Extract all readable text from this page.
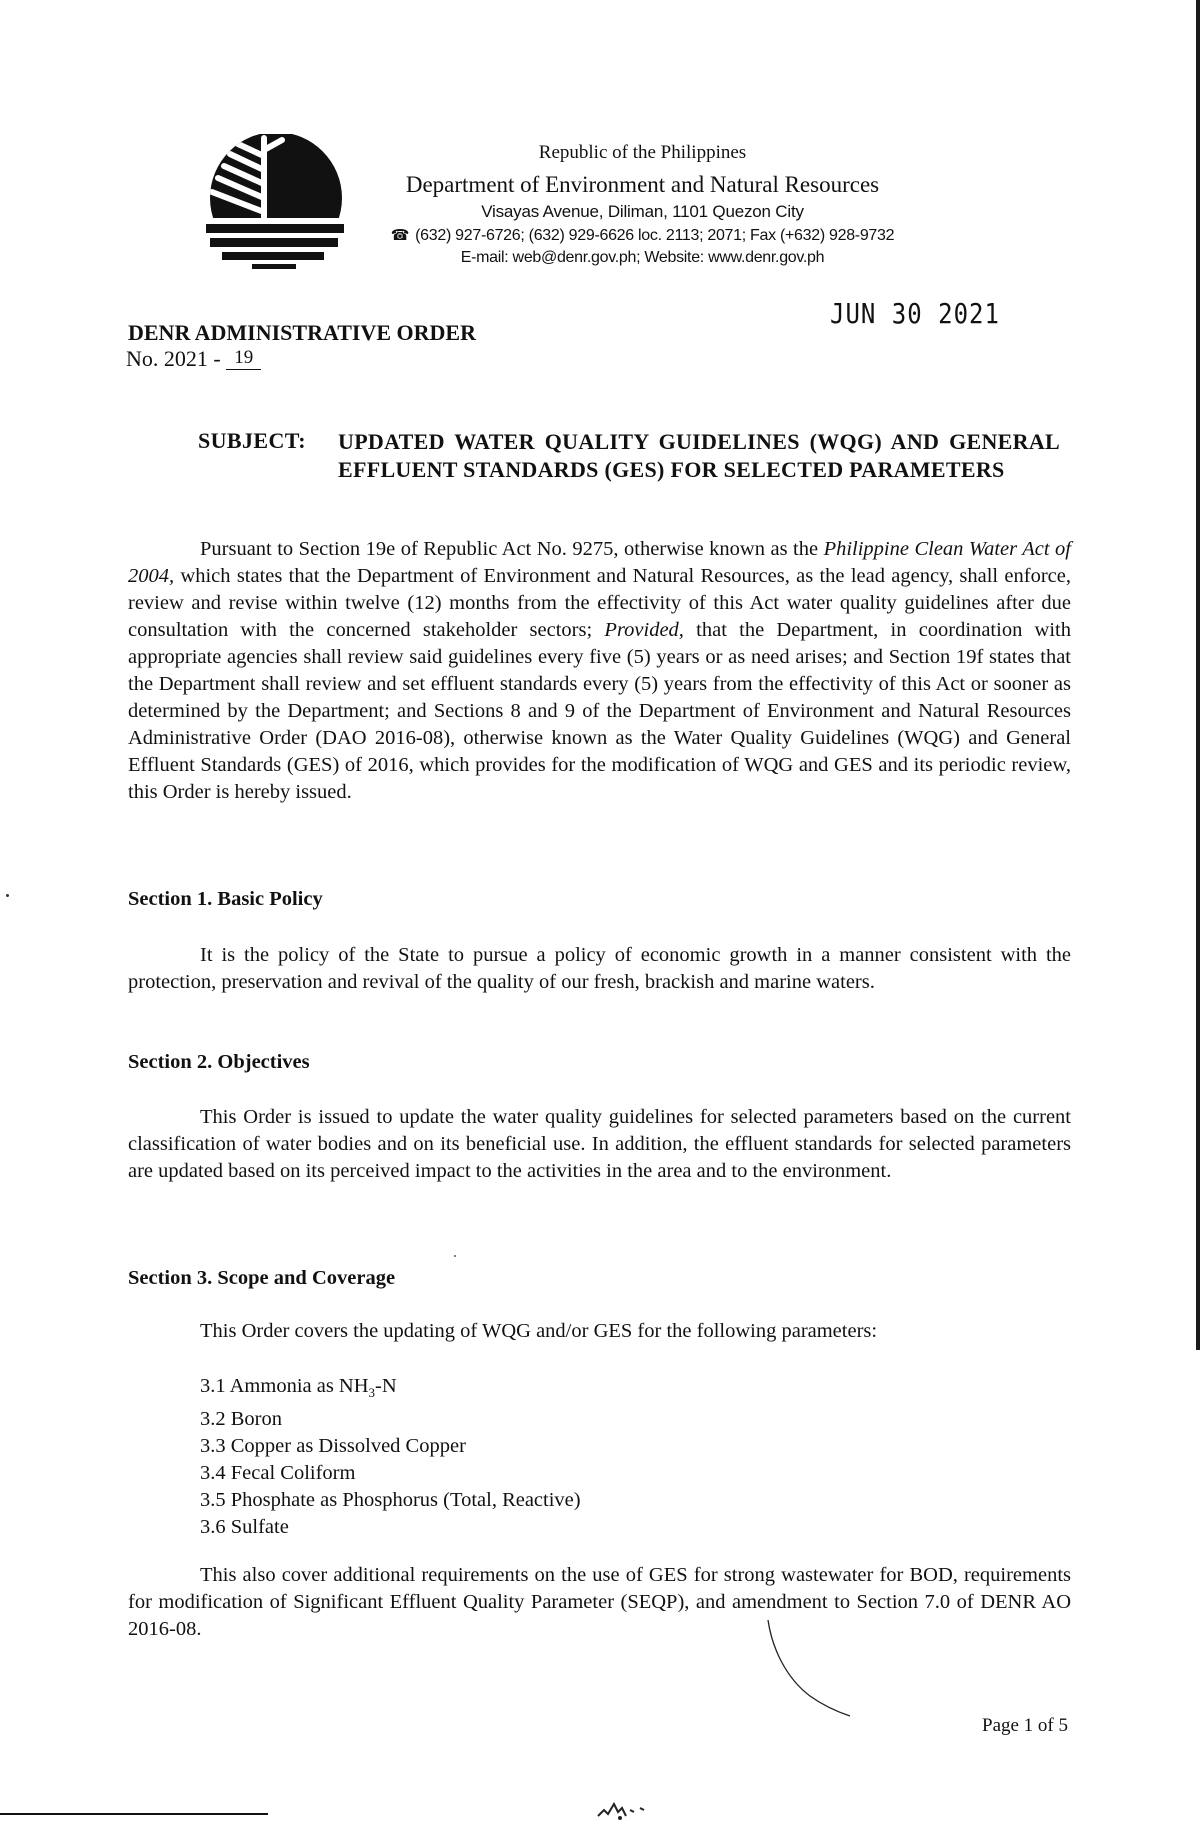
Republic of the Philippines
Department of Environment and Natural Resources
Visayas Avenue, Diliman, 1101 Quezon City
☎ (632) 927-6726; (632) 929-6626 loc. 2113; 2071; Fax (+632) 928-9732
E-mail: web@denr.gov.ph; Website: www.denr.gov.ph
JUN 30 2021
DENR ADMINISTRATIVE ORDER
No. 2021 - 19
SUBJECT: UPDATED WATER QUALITY GUIDELINES (WQG) AND GENERAL EFFLUENT STANDARDS (GES) FOR SELECTED PARAMETERS
Pursuant to Section 19e of Republic Act No. 9275, otherwise known as the Philippine Clean Water Act of 2004, which states that the Department of Environment and Natural Resources, as the lead agency, shall enforce, review and revise within twelve (12) months from the effectivity of this Act water quality guidelines after due consultation with the concerned stakeholder sectors; Provided, that the Department, in coordination with appropriate agencies shall review said guidelines every five (5) years or as need arises; and Section 19f states that the Department shall review and set effluent standards every (5) years from the effectivity of this Act or sooner as determined by the Department; and Sections 8 and 9 of the Department of Environment and Natural Resources Administrative Order (DAO 2016-08), otherwise known as the Water Quality Guidelines (WQG) and General Effluent Standards (GES) of 2016, which provides for the modification of WQG and GES and its periodic review, this Order is hereby issued.
Section 1. Basic Policy
It is the policy of the State to pursue a policy of economic growth in a manner consistent with the protection, preservation and revival of the quality of our fresh, brackish and marine waters.
Section 2. Objectives
This Order is issued to update the water quality guidelines for selected parameters based on the current classification of water bodies and on its beneficial use. In addition, the effluent standards for selected parameters are updated based on its perceived impact to the activities in the area and to the environment.
Section 3. Scope and Coverage
This Order covers the updating of WQG and/or GES for the following parameters:
3.1 Ammonia as $NH_3-N$
3.2 Boron
3.3 Copper as Dissolved Copper
3.4 Fecal Coliform
3.5 Phosphate as Phosphorus (Total, Reactive)
3.6 Sulfate
This also cover additional requirements on the use of GES for strong wastewater for BOD, requirements for modification of Significant Effluent Quality Parameter (SEQP), and amendment to Section 7.0 of DENR AO 2016-08.
Page 1 of 5
